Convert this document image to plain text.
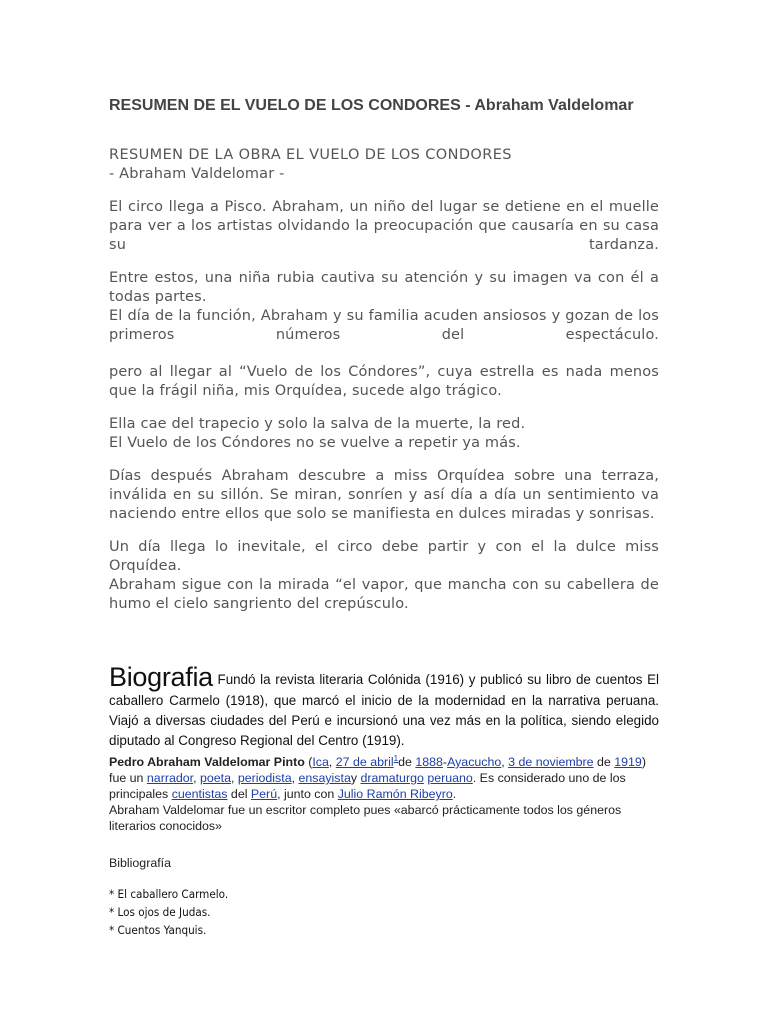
RESUMEN DE EL VUELO DE LOS CONDORES - Abraham Valdelomar

RESUMEN DE LA OBRA EL VUELO DE LOS CONDORES

- Abraham Valdelomar -

El circo llega a Pisco. Abraham, un niño del lugar se detiene en el muelle para ver a los artistas olvidando la preocupación que causaría en su casa su tardanza.

Entre estos, una niña rubia cautiva su atención y su imagen va con él a todas partes.

El día de la función, Abraham y su familia acuden ansiosos y gozan de los primeros números del espectáculo.

pero al llegar al “Vuelo de los Cóndores”, cuya estrella es nada menos que la frágil niña, mis Orquídea, sucede algo trágico.

Ella cae del trapecio y solo la salva de la muerte, la red.

El Vuelo de los Cóndores no se vuelve a repetir ya más.

Días después Abraham descubre a miss Orquídea sobre una terraza, inválida en su sillón. Se miran, sonríen y así día a día un sentimiento va naciendo entre ellos que solo se manifiesta en dulces miradas y sonrisas.

Un día llega lo inevitale, el circo debe partir y con el la dulce miss Orquídea.

Abraham sigue con la mirada “el vapor, que mancha con su cabellera de humo el cielo sangriento del crepúsculo.

Biografia Fundó la revista literaria Colónida (1916) y publicó su libro de cuentos El caballero Carmelo (1918), que marcó el inicio de la modernidad en la narrativa peruana. Viajó a diversas ciudades del Perú e incursionó una vez más en la política, siendo elegido diputado al Congreso Regional del Centro (1919).

Pedro Abraham Valdelomar Pinto (Ica, 27 de abril$^1$de 1888-Ayacucho, 3 de noviembre de 1919) fue un narrador, poeta, periodista, ensayistay dramaturgo peruano. Es considerado uno de los principales cuentistas del Perú, junto con Julio Ramón Ribeyro.
Abraham Valdelomar fue un escritor completo pues «abarcó prácticamente todos los géneros literarios conocidos»

Bibliografía

* El caballero Carmelo.
* Los ojos de Judas.
* Cuentos Yanquis.
